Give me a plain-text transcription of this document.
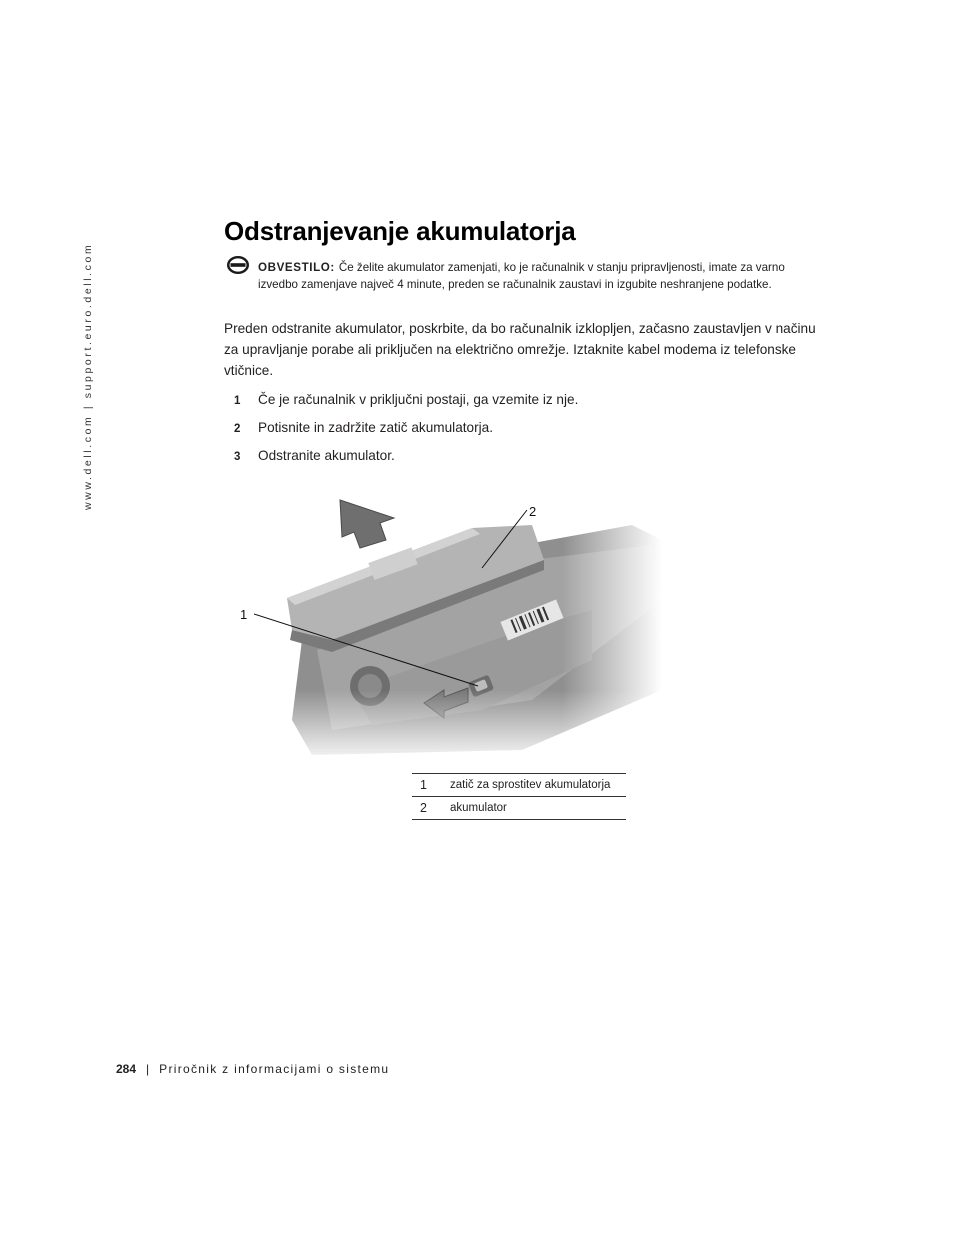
www.dell.com | support.euro.dell.com
Odstranjevanje akumulatorja
OBVESTILO: Če želite akumulator zamenjati, ko je računalnik v stanju pripravljenosti, imate za varno izvedbo zamenjave največ 4 minute, preden se računalnik zaustavi in izgubite neshranjene podatke.

Preden odstranite akumulator, poskrbite, da bo računalnik izklopljen, začasno zaustavljen v načinu za upravljanje porabe ali priključen na električno omrežje. Iztaknite kabel modema iz telefonske vtičnice.

1	Če je računalnik v priključni postaji, ga vzemite iz nje.
2	Potisnite in zadržite zatič akumulatorja.
3	Odstranite akumulator.
1
2
1	zatič za sprostitev akumulatorja
2	akumulator
284 | Priročnik z informacijami o sistemu
